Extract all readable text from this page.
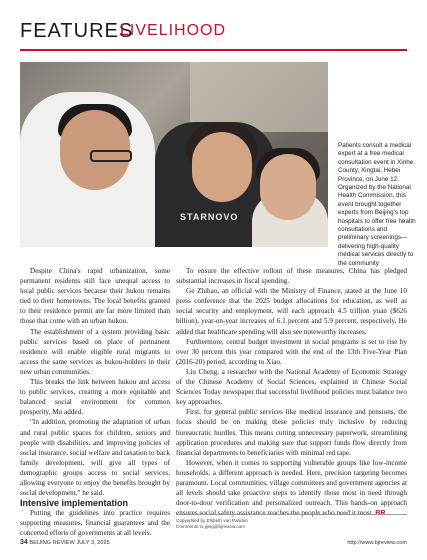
FEATURES
LIVELIHOOD
STARNOVO
Patients consult a medical expert at a free medical consultation event in Xinhe County, Xingtai, Hebei Province, on June 12. Organized by the National Health Commission, this event brought together experts from Beijing's top hospitals to offer free health consultations and preliminary screenings—delivering high-quality medical services directly to the community

Despite China's rapid urbanization, some permanent residents still face unequal access to local public services because their hukou remains tied to their hometowns. The local benefits granted to their residence permit are far more limited than those that come with an urban hukou.

The establishment of a system providing basic public services based on place of permanent residence will enable eligible rural migrants to access the same services as hukou-holders in their new urban communities.

This breaks the link between hukou and access to public services, creating a more equitable and balanced social environment for common prosperity, Mo added.

"In addition, promoting the adaptation of urban and rural public spaces for children, seniors and people with disabilities, and improving policies of social insurance, social welfare and taxation to back family development, will give all types of demographic groups access to social services, allowing everyone to enjoy the benefits brought by social development," he said.

Intensive implementation

Putting the guidelines into practice requires supporting measures, financial guarantees and the concerted efforts of governments at all levels.

To ensure the effective rollout of these measures, China has pledged substantial increases in fiscal spending.

Ge Zhihao, an official with the Ministry of Finance, stated at the June 10 press conference that the 2025 budget allocations for education, as well as social security and employment, will each approach 4.5 trillion yuan ($626 billion), year-on-year increases of 6.1 percent and 5.9 percent, respectively. He added that healthcare spending will also see noteworthy increases.

Furthermore, central budget investment in social programs is set to rise by over 30 percent this year compared with the end of the 13th Five-Year Plan (2016-20) period, according to Xiao.

Liu Cheng, a researcher with the National Academy of Economic Strategy of the Chinese Academy of Social Sciences, explained in Chinese Social Sciences Today newspaper that successful livelihood policies must balance two key approaches.

First, for general public services like medical insurance and pensions, the focus should be on making these policies truly inclusive by reducing bureaucratic hurdles. This means cutting unnecessary paperwork, streamlining application procedures and making sure that support funds flow directly from financial departments to beneficiaries with minimal red tape.

However, when it comes to supporting vulnerable groups like low-income households, a different approach is needed. Here, precision targeting becomes paramount. Local communities, village committees and government agencies at all levels should take proactive steps to identify those most in need through door-to-door verification and personalized outreach. This hands-on approach ensures social safety assistance reaches the people who need it most. BR

Copyedited by Elsbeth van Paridon
Comments to jijing@bjreview.com
34 BEIJING REVIEW JULY 3, 2025	http://www.bjreview.com
